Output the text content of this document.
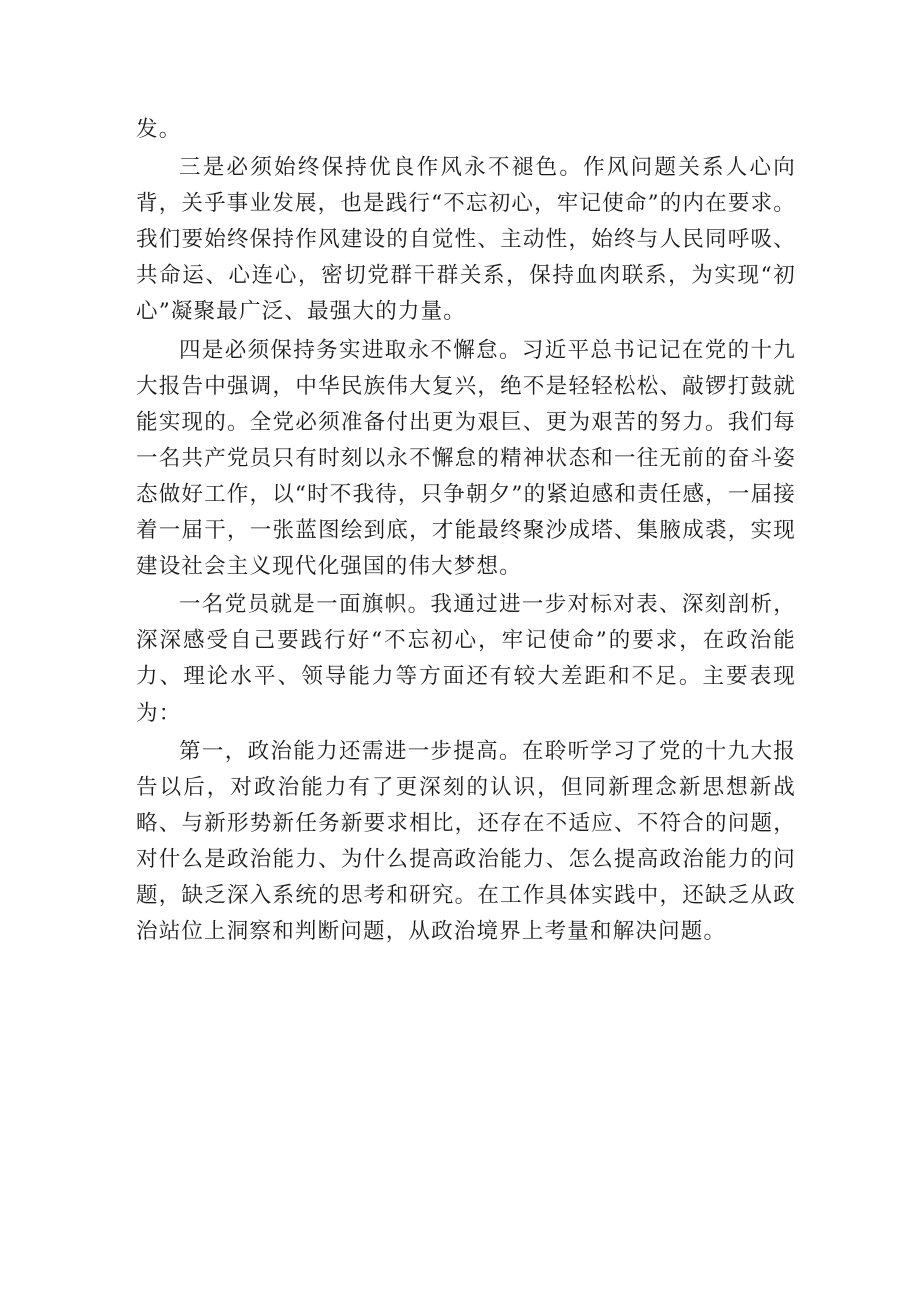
发。

三是必须始终保持优良作风永不褪色。作风问题关系人心向背，关乎事业发展，也是践行“不忘初心，牢记使命”的内在要求。我们要始终保持作风建设的自觉性、主动性，始终与人民同呼吸、共命运、心连心，密切党群干群关系，保持血肉联系，为实现“初心”凝聚最广泛、最强大的力量。

四是必须保持务实进取永不懈怠。习近平总书记记在党的十九大报告中强调，中华民族伟大复兴，绝不是轻轻松松、敲锣打鼓就能实现的。全党必须准备付出更为艰巨、更为艰苦的努力。我们每一名共产党员只有时刻以永不懈怠的精神状态和一往无前的奋斗姿态做好工作，以“时不我待，只争朝夕”的紧迫感和责任感，一届接着一届干，一张蓝图绘到底，才能最终聚沙成塔、集腋成裘，实现建设社会主义现代化强国的伟大梦想。

一名党员就是一面旗帜。我通过进一步对标对表、深刻剖析，深深感受自己要践行好“不忘初心，牢记使命”的要求，在政治能力、理论水平、领导能力等方面还有较大差距和不足。主要表现为：

第一，政治能力还需进一步提高。在聆听学习了党的十九大报告以后，对政治能力有了更深刻的认识，但同新理念新思想新战略、与新形势新任务新要求相比，还存在不适应、不符合的问题，对什么是政治能力、为什么提高政治能力、怎么提高政治能力的问题，缺乏深入系统的思考和研究。在工作具体实践中，还缺乏从政治站位上洞察和判断问题，从政治境界上考量和解决问题。
